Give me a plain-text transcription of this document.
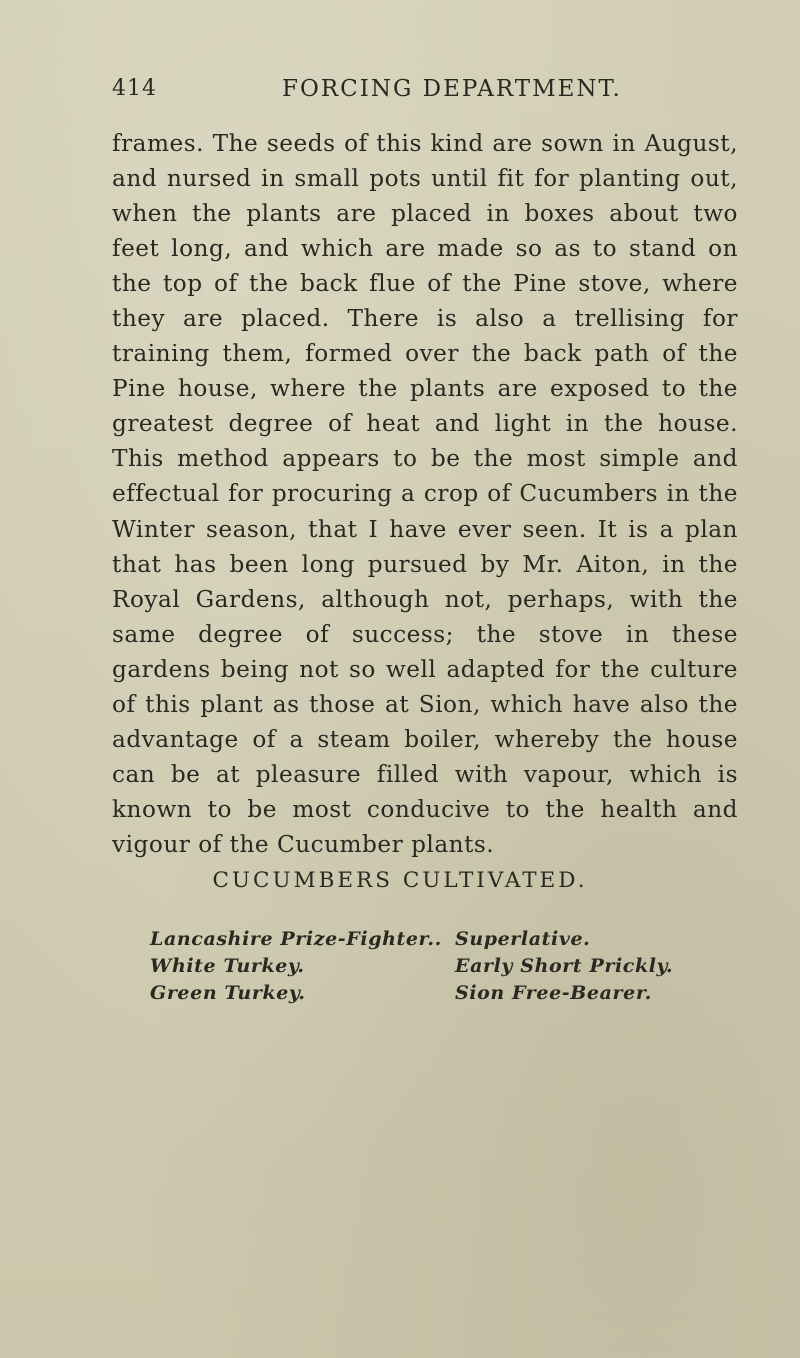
414	FORCING DEPARTMENT.

frames. The seeds of this kind are sown in August, and nursed in small pots until fit for planting out, when the plants are placed in boxes about two feet long, and which are made so as to stand on the top of the back flue of the Pine stove, where they are placed. There is also a trellising for training them, formed over the back path of the Pine house, where the plants are exposed to the greatest degree of heat and light in the house. This method appears to be the most simple and effectual for procuring a crop of Cucumbers in the Winter season, that I have ever seen. It is a plan that has been long pursued by Mr. Aiton, in the Royal Gardens, although not, perhaps, with the same degree of success; the stove in these gardens being not so well adapted for the culture of this plant as those at Sion, which have also the advantage of a steam boiler, whereby the house can be at pleasure filled with vapour, which is known to be most conducive to the health and vigour of the Cucumber plants.

CUCUMBERS CULTIVATED.
Lancashire Prize-Fighter..
White Turkey.
Green Turkey.
Superlative.
Early Short Prickly.
Sion Free-Bearer.
